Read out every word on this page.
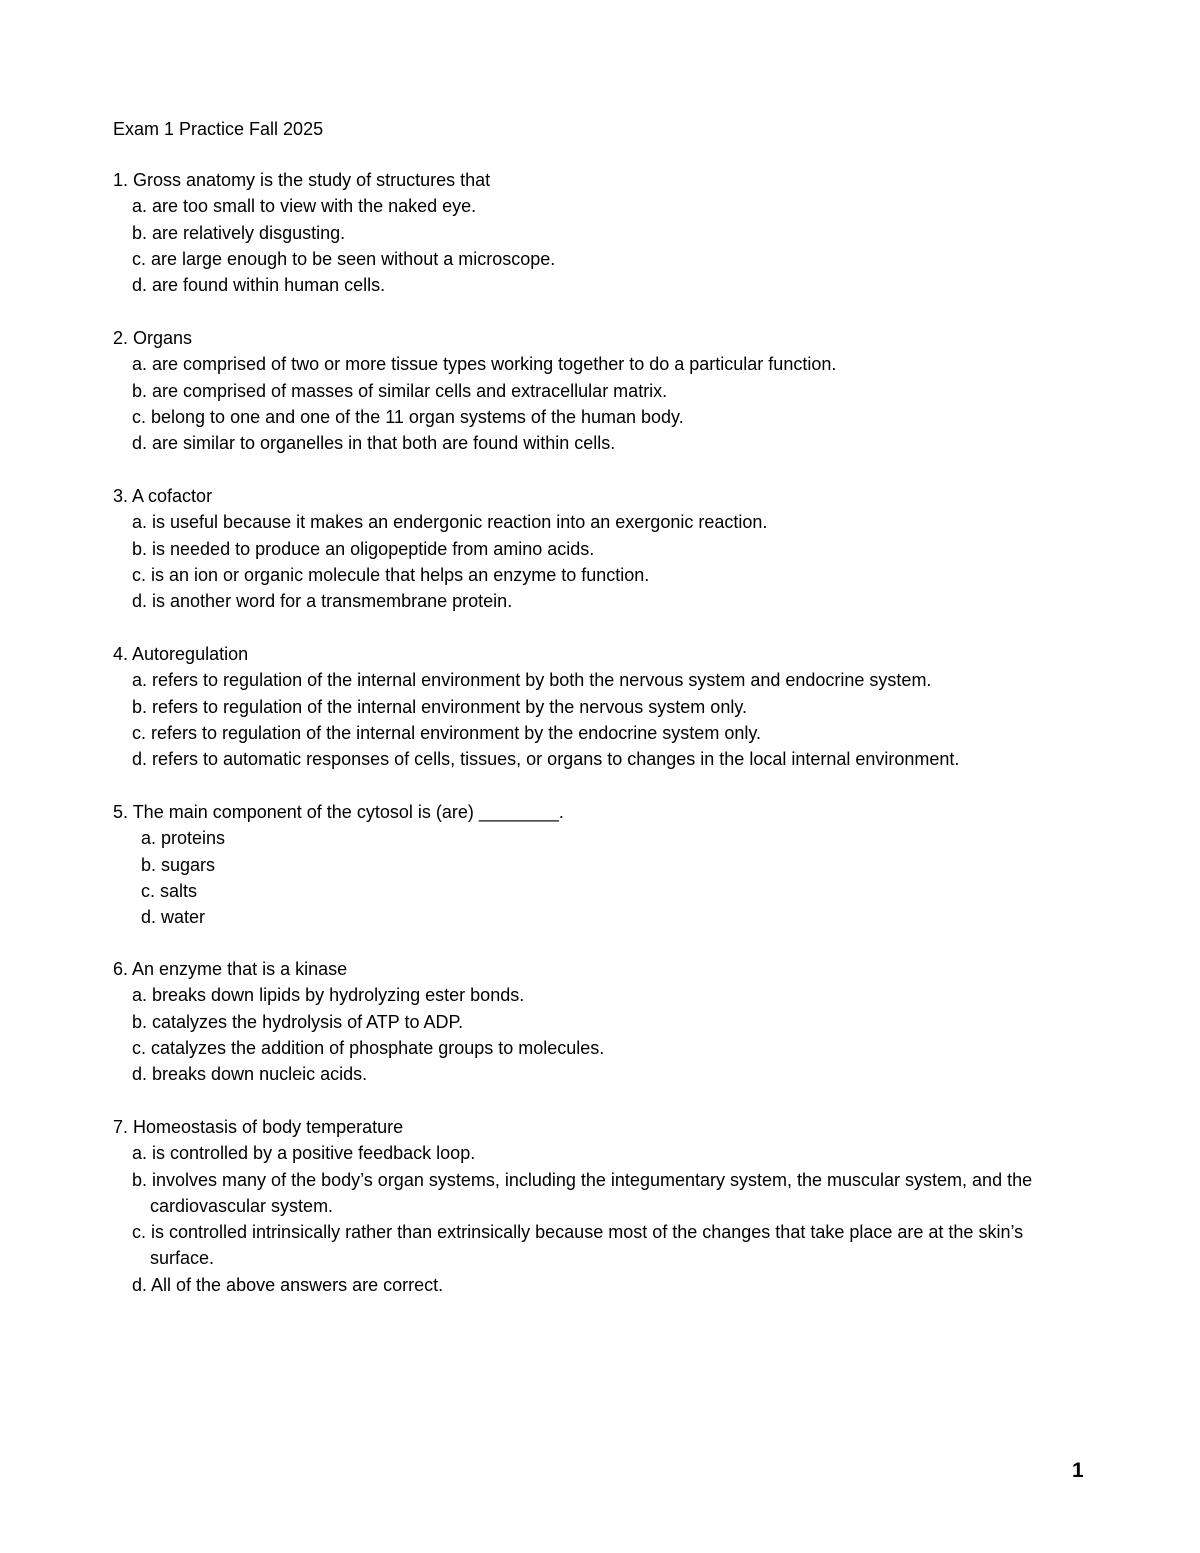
Exam 1 Practice Fall 2025
1. Gross anatomy is the study of structures that
a. are too small to view with the naked eye.
b. are relatively disgusting.
c. are large enough to be seen without a microscope.
d. are found within human cells.
2. Organs
a. are comprised of two or more tissue types working together to do a particular function.
b. are comprised of masses of similar cells and extracellular matrix.
c. belong to one and one of the 11 organ systems of the human body.
d. are similar to organelles in that both are found within cells.
3. A cofactor
a. is useful because it makes an endergonic reaction into an exergonic reaction.
b. is needed to produce an oligopeptide from amino acids.
c. is an ion or organic molecule that helps an enzyme to function.
d. is another word for a transmembrane protein.
4. Autoregulation
a. refers to regulation of the internal environment by both the nervous system and endocrine system.
b. refers to regulation of the internal environment by the nervous system only.
c. refers to regulation of the internal environment by the endocrine system only.
d. refers to automatic responses of cells, tissues, or organs to changes in the local internal environment.
5. The main component of the cytosol is (are) ________.
a. proteins
b. sugars
c. salts
d. water
6. An enzyme that is a kinase
a. breaks down lipids by hydrolyzing ester bonds.
b. catalyzes the hydrolysis of ATP to ADP.
c. catalyzes the addition of phosphate groups to molecules.
d. breaks down nucleic acids.
7. Homeostasis of body temperature
a. is controlled by a positive feedback loop.
b. involves many of the body’s organ systems, including the integumentary system, the muscular system, and the cardiovascular system.
c. is controlled intrinsically rather than extrinsically because most of the changes that take place are at the skin’s surface.
d. All of the above answers are correct.
1
